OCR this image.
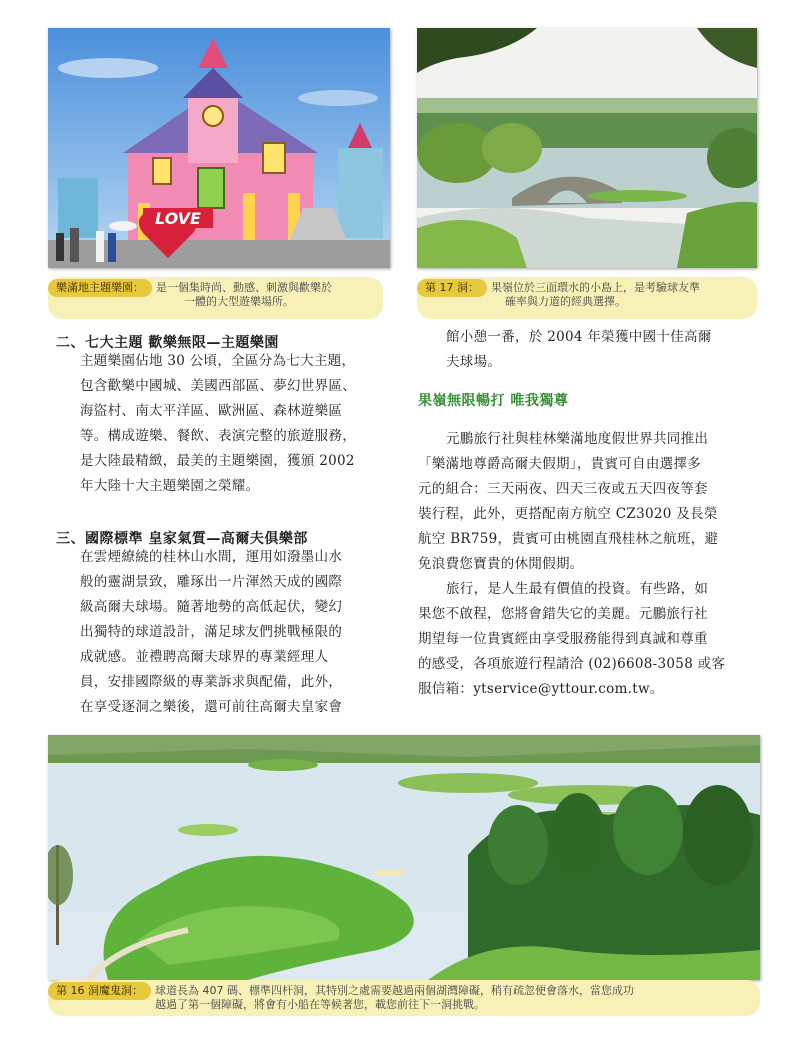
LOVE
樂滿地主題樂園：	是一個集時尚、動感、刺激與歡樂於
一體的大型遊樂場所。
第 17 洞：	果嶺位於三面環水的小島上，是考驗球友準
確率與力道的經典選擇。
二、七大主題 歡樂無限—主題樂園
主題樂園佔地 30 公頃，全區分為七大主題，
包含歡樂中國城、美國西部區、夢幻世界區、
海盜村、南太平洋區、歐洲區、森林遊樂區
等。構成遊樂、餐飲、表演完整的旅遊服務，
是大陸最精緻，最美的主題樂園，獲頒 2002
年大陸十大主題樂園之榮耀。
三、國際標準 皇家氣質—高爾夫俱樂部
在雲煙繚繞的桂林山水間，運用如潑墨山水
般的靈湖景致，雕琢出一片渾然天成的國際
級高爾夫球場。隨著地勢的高低起伏，變幻
出獨特的球道設計，滿足球友們挑戰極限的
成就感。並禮聘高爾夫球界的專業經理人
員，安排國際級的專業訴求與配備，此外，
在享受逐洞之樂後，還可前往高爾夫皇家會
館小憩一番，於 2004 年榮獲中國十佳高爾
夫球場。
果嶺無限暢打 唯我獨尊
元鵬旅行社與桂林樂滿地度假世界共同推出
「樂滿地尊爵高爾夫假期」，貴賓可自由選擇多
元的組合：三天兩夜、四天三夜或五天四夜等套
裝行程，此外，更搭配南方航空 CZ3020 及長榮
航空 BR759，貴賓可由桃園直飛桂林之航班，避
免浪費您寶貴的休閒假期。
旅行，是人生最有價值的投資。有些路，如
果您不啟程，您將會錯失它的美麗。元鵬旅行社
期望每一位貴賓經由享受服務能得到真誠和尊重
的感受，各項旅遊行程請洽 (02)6608-3058 或客
服信箱：ytservice@yttour.com.tw。
第 16 洞魔鬼洞：	球道長為 407 碼、標準四杆洞，其特別之處需要越過兩個湖灣障礙，稍有疏忽便會落水，當您成功
越過了第一個障礙，將會有小船在等候著您，載您前往下一洞挑戰。
